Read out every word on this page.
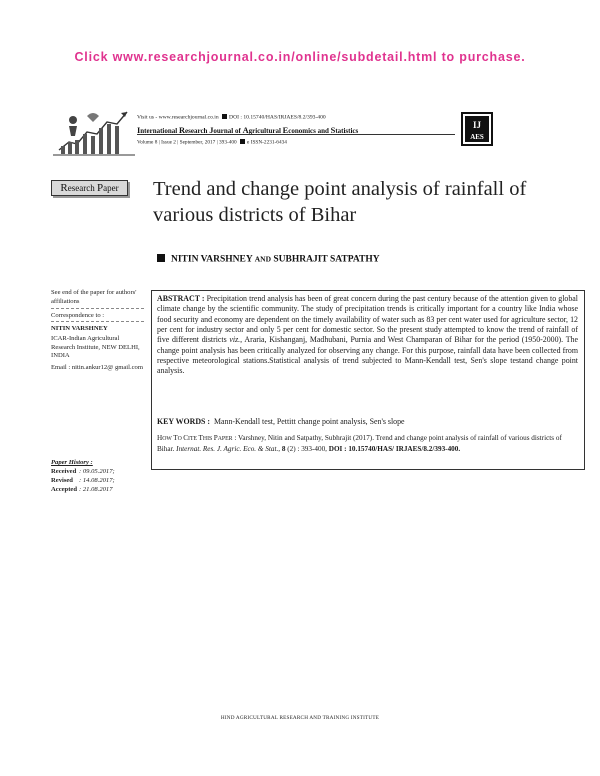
Click www.researchjournal.co.in/online/subdetail.html to purchase.
Visit us - www.researchjournal.co.in DOI : 10.15740/HAS/IRJAES/8.2/393-400
International Research Journal of Agricultural Economics and Statistics
Volume 8 | Issue 2 | September, 2017 | 393-400 e ISSN-2231-6434
IJ
AES
Research Paper	Trend and change point analysis of rainfall of various districts of Bihar
NITIN VARSHNEY AND SUBHRAJIT SATPATHY
See end of the paper for authors' affiliations
Correspondence to :
NITIN VARSHNEY
ICAR-Indian Agricultural Research Institute, NEW DELHI, INDIA
Email : nitin.ankur12@ gmail.com
Paper History :
Received : 09.05.2017;
Revised : 14.08.2017;
Accepted : 21.08.2017
ABSTRACT : Precipitation trend analysis has been of great concern during the past century because of the attention given to global climate change by the scientific community. The study of precipitation trends is critically important for a country like India whose food security and economy are dependent on the timely availability of water such as 83 per cent water used for agriculture sector, 12 per cent for industry sector and only 5 per cent for domestic sector. So the present study attempted to know the trend of rainfall of five different districts viz., Araria, Kishanganj, Madhubani, Purnia and West Champaran of Bihar for the period (1950-2000). The change point analysis has been critically analyzed for observing any change. For this purpose, rainfall data have been collected from respective meteorological stations.Statistical analysis of trend subjected to Mann-Kendall test, Sen's slope testand change point analysis.
KEY WORDS : Mann-Kendall test, Pettitt change point analysis, Sen's slope
HOW TO CITE THIS PAPER : Varshney, Nitin and Satpathy, Subhrajit (2017). Trend and change point analysis of rainfall of various districts of Bihar. Internat. Res. J. Agric. Eco. & Stat., 8 (2) : 393-400, DOI : 10.15740/HAS/ IRJAES/8.2/393-400.
HIND AGRICULTURAL RESEARCH AND TRAINING INSTITUTE
